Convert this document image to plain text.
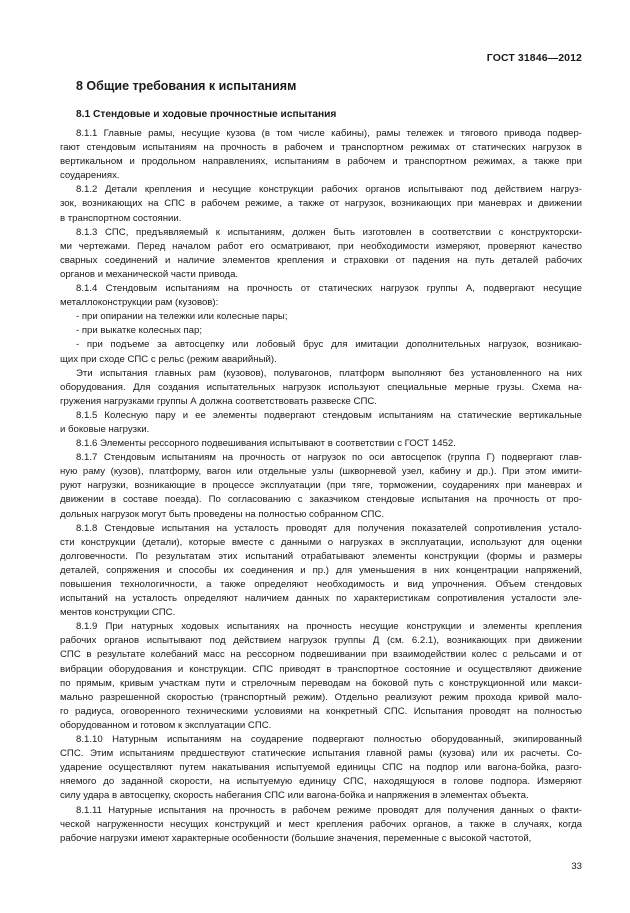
ГОСТ 31846—2012
8 Общие требования к испытаниям
8.1 Стендовые и ходовые прочностные испытания

8.1.1 Главные рамы, несущие кузова (в том числе кабины), рамы тележек и тягового привода подвер-
гают стендовым испытаниям на прочность в рабочем и транспортном режимах от статических нагрузок в
вертикальном и продольном направлениях, испытаниям в рабочем и транспортном режимах, а также при
соударениях.

8.1.2 Детали крепления и несущие конструкции рабочих органов испытывают под действием нагруз-
зок, возникающих на СПС в рабочем режиме, а также от нагрузок, возникающих при маневрах и движении
в транспортном состоянии.

8.1.3 СПС, предъявляемый к испытаниям, должен быть изготовлен в соответствии с конструкторски-
ми чертежами. Перед началом работ его осматривают, при необходимости измеряют, проверяют качество
сварных соединений и наличие элементов крепления и страховки от падения на путь деталей рабочих
органов и механической части привода.

8.1.4 Стендовым испытаниям на прочность от статических нагрузок группы А, подвергают несущие
металлоконструкции рам (кузовов):

- при опирании на тележки или колесные пары;

- при выкатке колесных пар;

- при подъеме за автосцепку или лобовый брус для имитации дополнительных нагрузок, возникаю-
щих при сходе СПС с рельс (режим аварийный).

Эти испытания главных рам (кузовов), полувагонов, платформ выполняют без установленного на них
оборудования. Для создания испытательных нагрузок используют специальные мерные грузы. Схема на-
гружения нагрузками группы А должна соответствовать развеске СПС.

8.1.5 Колесную пару и ее элементы подвергают стендовым испытаниям на статические вертикальные
и боковые нагрузки.

8.1.6 Элементы рессорного подвешивания испытывают в соответствии с ГОСТ 1452.

8.1.7 Стендовым испытаниям на прочность от нагрузок по оси автосцепок (группа Г) подвергают глав-
ную раму (кузов), платформу, вагон или отдельные узлы (шкворневой узел, кабину и др.). При этом имити-
руют нагрузки, возникающие в процессе эксплуатации (при тяге, торможении, соударениях при маневрах и
движении в составе поезда). По согласованию с заказчиком стендовые испытания на прочность от про-
дольных нагрузок могут быть проведены на полностью собранном СПС.

8.1.8 Стендовые испытания на усталость проводят для получения показателей сопротивления устало-
сти конструкции (детали), которые вместе с данными о нагрузках в эксплуатации, используют для оценки
долговечности. По результатам этих испытаний отрабатывают элементы конструкции (формы и размеры
деталей, сопряжения и способы их соединения и пр.) для уменьшения в них концентрации напряжений,
повышения технологичности, а также определяют необходимость и вид упрочнения. Объем стендовых
испытаний на усталость определяют наличием данных по характеристикам сопротивления усталости эле-
ментов конструкции СПС.

8.1.9 При натурных ходовых испытаниях на прочность несущие конструкции и элементы крепления
рабочих органов испытывают под действием нагрузок группы Д (см. 6.2.1), возникающих при движении
СПС в результате колебаний масс на рессорном подвешивании при взаимодействии колес с рельсами и от
вибрации оборудования и конструкции. СПС приводят в транспортное состояние и осуществляют движение
по прямым, кривым участкам пути и стрелочным переводам на боковой путь с конструкционной или макси-
мально разрешенной скоростью (транспортный режим). Отдельно реализуют режим прохода кривой мало-
го радиуса, оговоренного техническими условиями на конкретный СПС. Испытания проводят на полностью
оборудованном и готовом к эксплуатации СПС.

8.1.10 Натурным испытаниям на соударение подвергают полностью оборудованный, экипированный
СПС. Этим испытаниям предшествуют статические испытания главной рамы (кузова) или их расчеты. Со-
ударение осуществляют путем накатывания испытуемой единицы СПС на подпор или вагона-бойка, разго-
няемого до заданной скорости, на испытуемую единицу СПС, находящуюся в голове подпора. Измеряют
силу удара в автосцепку, скорость набегания СПС или вагона-бойка и напряжения в элементах объекта.

8.1.11 Натурные испытания на прочность в рабочем режиме проводят для получения данных о факти-
ческой нагруженности несущих конструкций и мест крепления рабочих органов, а также в случаях, когда
рабочие нагрузки имеют характерные особенности (большие значения, переменные с высокой частотой,

33
